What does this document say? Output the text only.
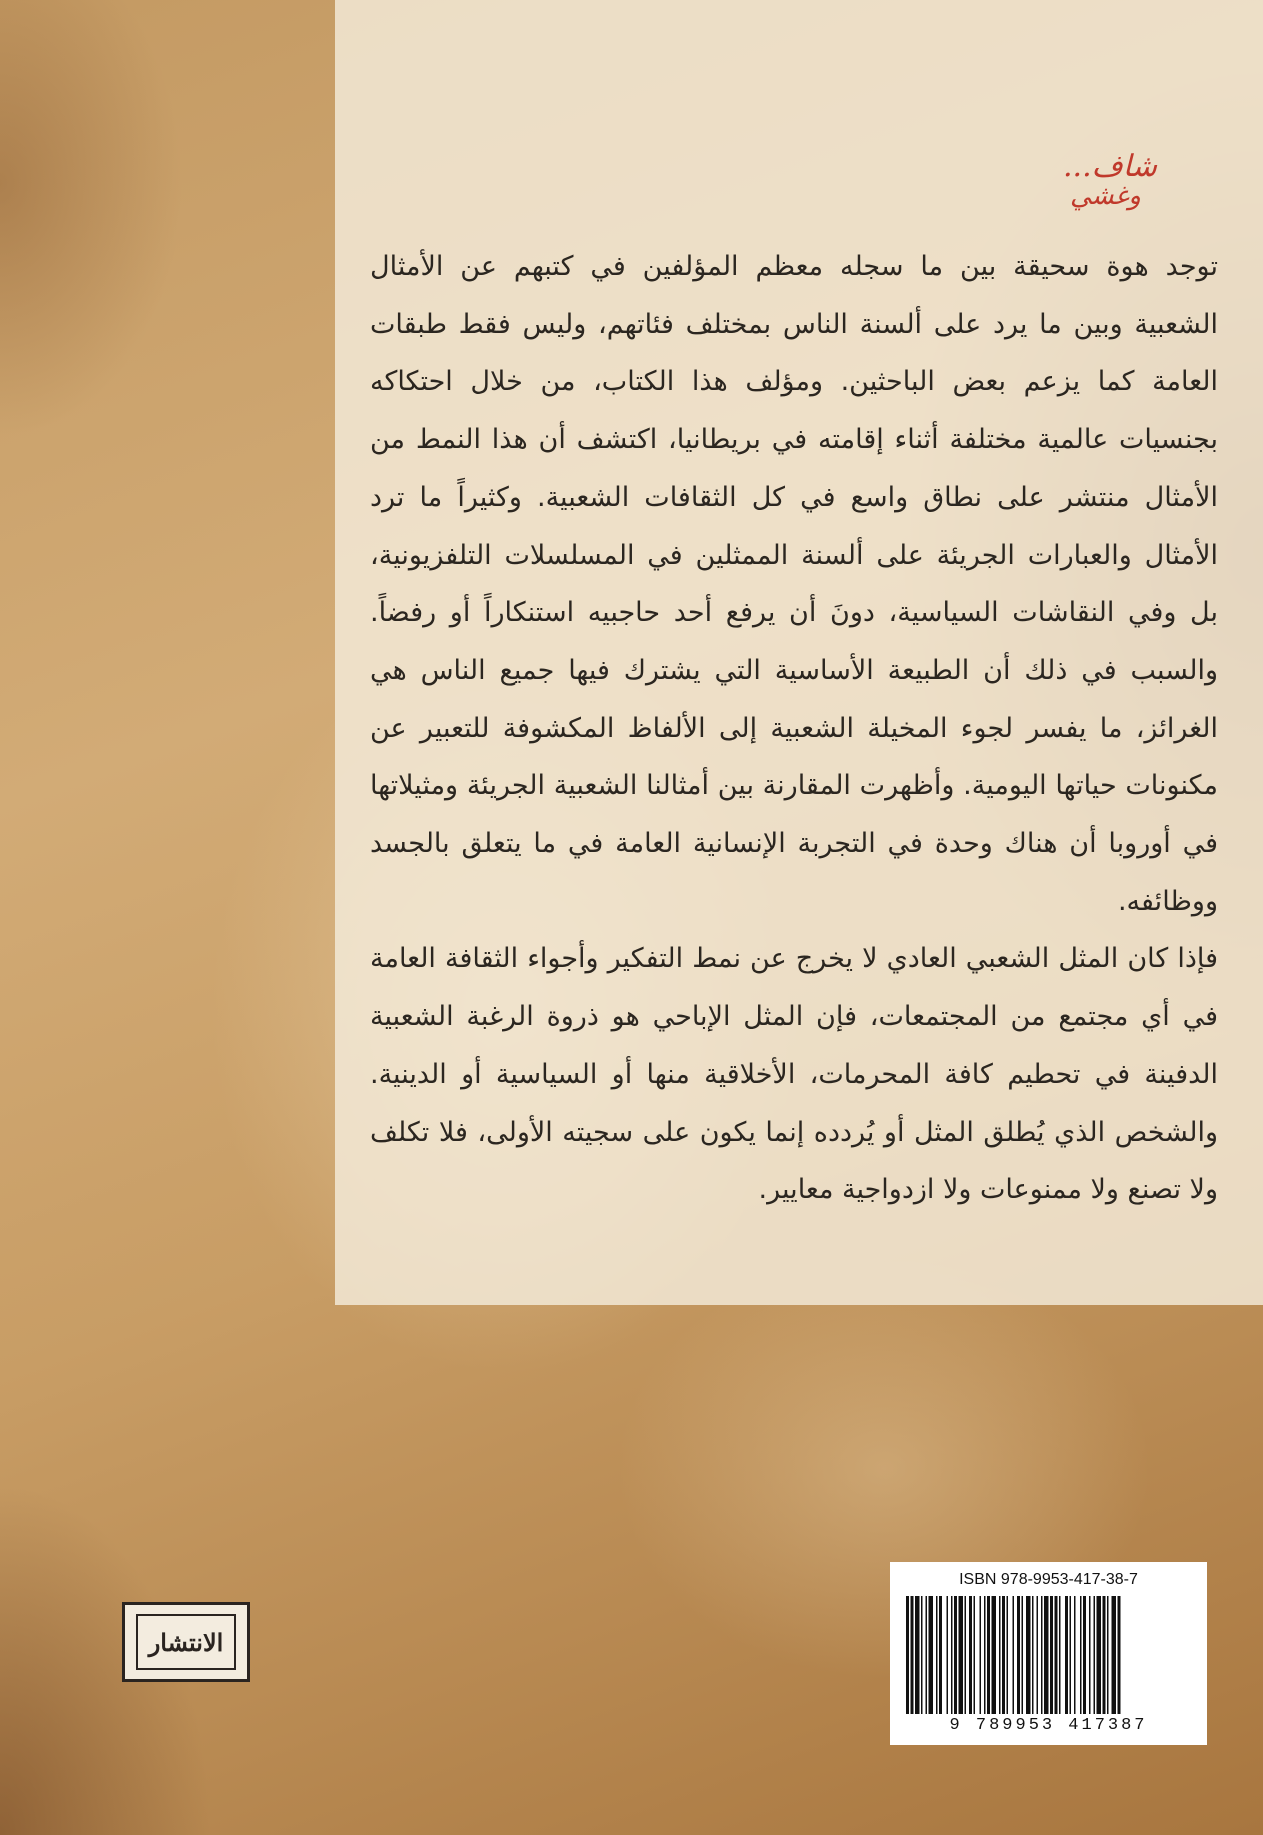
شاف...
وغشي

توجد هوة سحيقة بين ما سجله معظم المؤلفين في كتبهم عن الأمثال الشعبية وبين ما يرد على ألسنة الناس بمختلف فئاتهم، وليس فقط طبقات العامة كما يزعم بعض الباحثين. ومؤلف هذا الكتاب، من خلال احتكاكه بجنسيات عالمية مختلفة أثناء إقامته في بريطانيا، اكتشف أن هذا النمط من الأمثال منتشر على نطاق واسع في كل الثقافات الشعبية. وكثيراً ما ترد الأمثال والعبارات الجريئة على ألسنة الممثلين في المسلسلات التلفزيونية، بل وفي النقاشات السياسية، دونَ أن يرفع أحد حاجبيه استنكاراً أو رفضاً. والسبب في ذلك أن الطبيعة الأساسية التي يشترك فيها جميع الناس هي الغرائز، ما يفسر لجوء المخيلة الشعبية إلى الألفاظ المكشوفة للتعبير عن مكنونات حياتها اليومية. وأظهرت المقارنة بين أمثالنا الشعبية الجريئة ومثيلاتها في أوروبا أن هناك وحدة في التجربة الإنسانية العامة في ما يتعلق بالجسد ووظائفه.

فإذا كان المثل الشعبي العادي لا يخرج عن نمط التفكير وأجواء الثقافة العامة في أي مجتمع من المجتمعات، فإن المثل الإباحي هو ذروة الرغبة الشعبية الدفينة في تحطيم كافة المحرمات، الأخلاقية منها أو السياسية أو الدينية. والشخص الذي يُطلق المثل أو يُردده إنما يكون على سجيته الأولى، فلا تكلف ولا تصنع ولا ممنوعات ولا ازدواجية معايير.

ISBN 978-9953-417-38-7
9 789953 417387
الانتشار
